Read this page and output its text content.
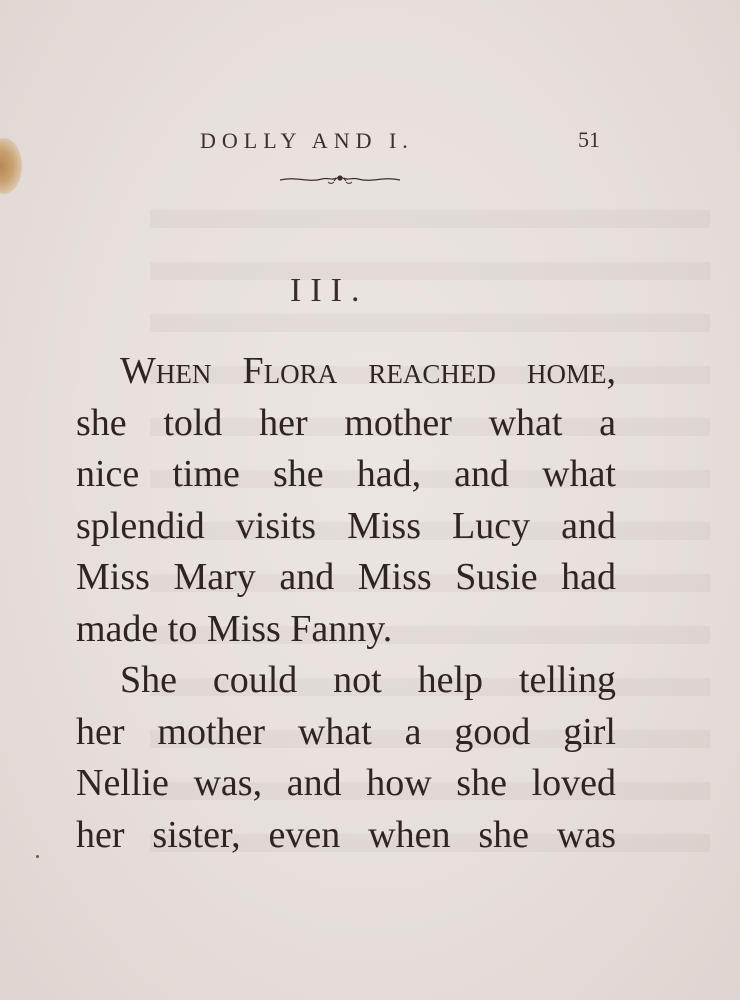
DOLLY AND I.	51
III.

When Flora reached home,
she told her mother what a
nice time she had, and what
splendid visits Miss Lucy and
Miss Mary and Miss Susie had
made to Miss Fanny.

She could not help telling
her mother what a good girl
Nellie was, and how she loved
her sister, even when she was
